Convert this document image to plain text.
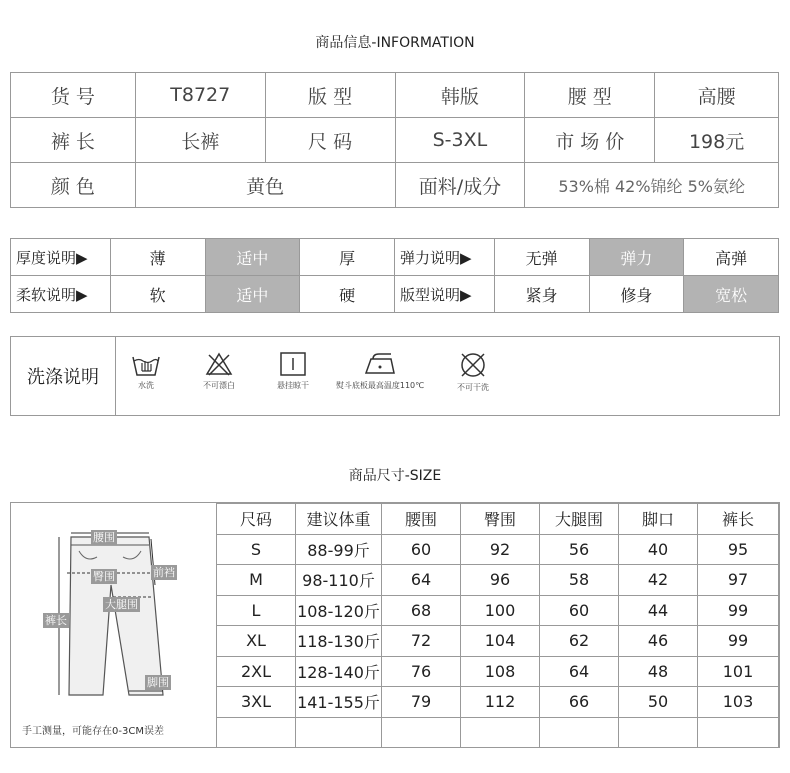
商品信息-INFORMATION
货 号	T8727	版 型	韩版	腰 型	高腰
裤 长	长裤	尺 码	S-3XL	市 场 价	198元
颜 色	黄色		面料/成分	53%棉 42%锦纶 5%氨纶	
厚度说明▶	薄	适中	厚	弹力说明▶	无弹	弹力	高弹
柔软说明▶	软	适中	硬	版型说明▶	紧身	修身	宽松
洗涤说明	水洗	不可漂白	悬挂晾干	熨斗底板最高温度110℃	不可干洗
商品尺寸-SIZE
腰围
臀围	前裆
大腿围
裤长
脚围
尺码	建议体重	腰围	臀围	大腿围	脚口	裤长
S	88-99斤	60	92	56	40	95
M	98-110斤	64	96	58	42	97
L	108-120斤	68	100	60	44	99
XL	118-130斤	72	104	62	46	99
2XL	128-140斤	76	108	64	48	101
3XL	141-155斤	79	112	66	50	103

手工测量，可能存在0-3CM误差
